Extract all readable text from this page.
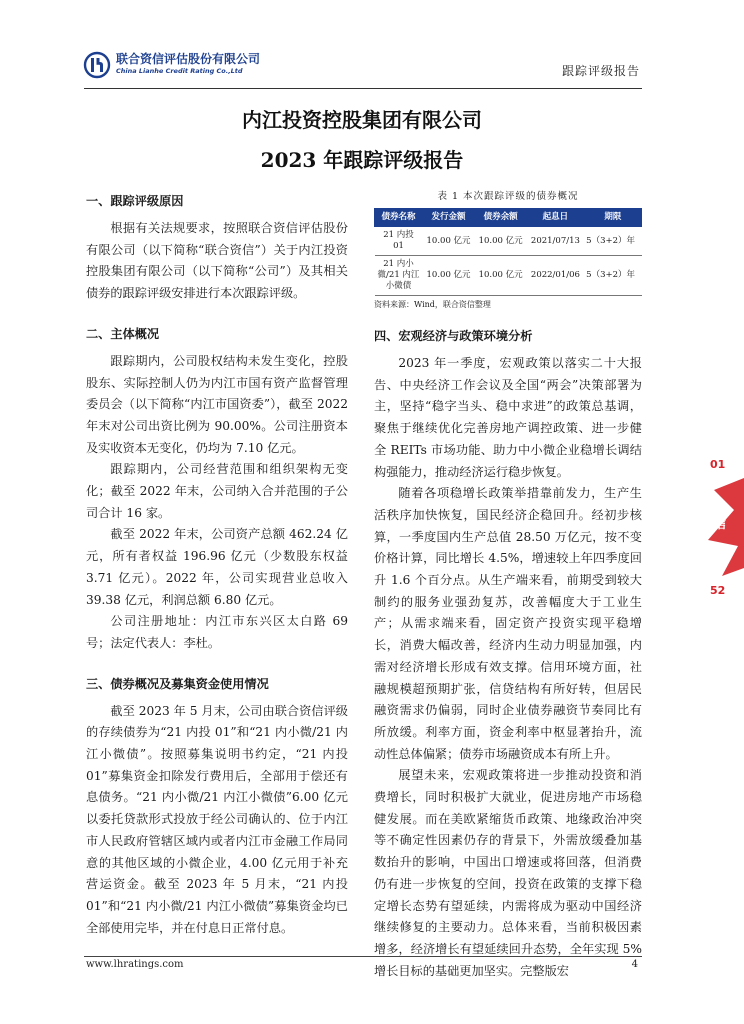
联合资信评估股份有限公司
China Lianhe Credit Rating Co.,Ltd	跟踪评级报告
内江投资控股集团有限公司
2023 年跟踪评级报告

一、跟踪评级原因

根据有关法规要求，按照联合资信评估股份有限公司（以下简称“联合资信”）关于内江投资控股集团有限公司（以下简称“公司”）及其相关债券的跟踪评级安排进行本次跟踪评级。

二、主体概况

跟踪期内，公司股权结构未发生变化，控股股东、实际控制人仍为内江市国有资产监督管理委员会（以下简称“内江市国资委”），截至 2022 年末对公司出资比例为 90.00%。公司注册资本及实收资本无变化，仍均为 7.10 亿元。

跟踪期内，公司经营范围和组织架构无变化；截至 2022 年末，公司纳入合并范围的子公司合计 16 家。

截至 2022 年末，公司资产总额 462.24 亿元，所有者权益 196.96 亿元（少数股东权益 3.71 亿元）。2022 年，公司实现营业总收入 39.38 亿元，利润总额 6.80 亿元。

公司注册地址：内江市东兴区太白路 69 号；法定代表人：李杜。

三、债券概况及募集资金使用情况

截至 2023 年 5 月末，公司由联合资信评级的存续债券为“21 内投 01”和“21 内小微/21 内江小微债”。按照募集说明书约定，“21 内投 01”募集资金扣除发行费用后，全部用于偿还有息债务。“21 内小微/21 内江小微债”6.00 亿元以委托贷款形式投放于经公司确认的、位于内江市人民政府管辖区域内或者内江市金融工作局同意的其他区域的小微企业，4.00 亿元用于补充营运资金。截至 2023 年 5 月末，“21 内投 01”和“21 内小微/21 内江小微债”募集资金均已全部使用完毕，并在付息日正常付息。

表 1 本次跟踪评级的债券概况

债券名称	发行金额	债券余额	起息日	期限
21 内投 01	10.00 亿元	10.00 亿元	2021/07/13	5（3+2）年
21 内小微/21 内江小微债	10.00 亿元	10.00 亿元	2022/01/06	5（3+2）年

资料来源：Wind，联合资信整理

四、宏观经济与政策环境分析

2023 年一季度，宏观政策以落实二十大报告、中央经济工作会议及全国“两会”决策部署为主，坚持“稳字当头、稳中求进”的政策总基调，聚焦于继续优化完善房地产调控政策、进一步健全 REITs 市场功能、助力中小微企业稳增长调结构强能力，推动经济运行稳步恢复。

随着各项稳增长政策举措靠前发力，生产生活秩序加快恢复，国民经济企稳回升。经初步核算，一季度国内生产总值 28.50 万亿元，按不变价格计算，同比增长 4.5%，增速较上年四季度回升 1.6 个百分点。从生产端来看，前期受到较大制约的服务业强劲复苏，改善幅度大于工业生产；从需求端来看，固定资产投资实现平稳增长，消费大幅改善，经济内生动力明显加强，内需对经济增长形成有效支撑。信用环境方面，社融规模超预期扩张，信贷结构有所好转，但居民融资需求仍偏弱，同时企业债券融资节奏同比有所放缓。利率方面，资金利率中枢显著抬升，流动性总体偏紧；债券市场融资成本有所上升。

展望未来，宏观政策将进一步推动投资和消费增长，同时积极扩大就业，促进房地产市场稳健发展。而在美欧紧缩货币政策、地缘政治冲突等不确定性因素仍存的背景下，外需放缓叠加基数抬升的影响，中国出口增速或将回落，但消费仍有进一步恢复的空间，投资在政策的支撑下稳定增长态势有望延续，内需将成为驱动中国经济继续修复的主要动力。总体来看，当前积极因素增多，经济增长有望延续回升态势，全年实现 5%增长目标的基础更加坚实。完整版宏

01
信
52
www.lhratings.com	4
